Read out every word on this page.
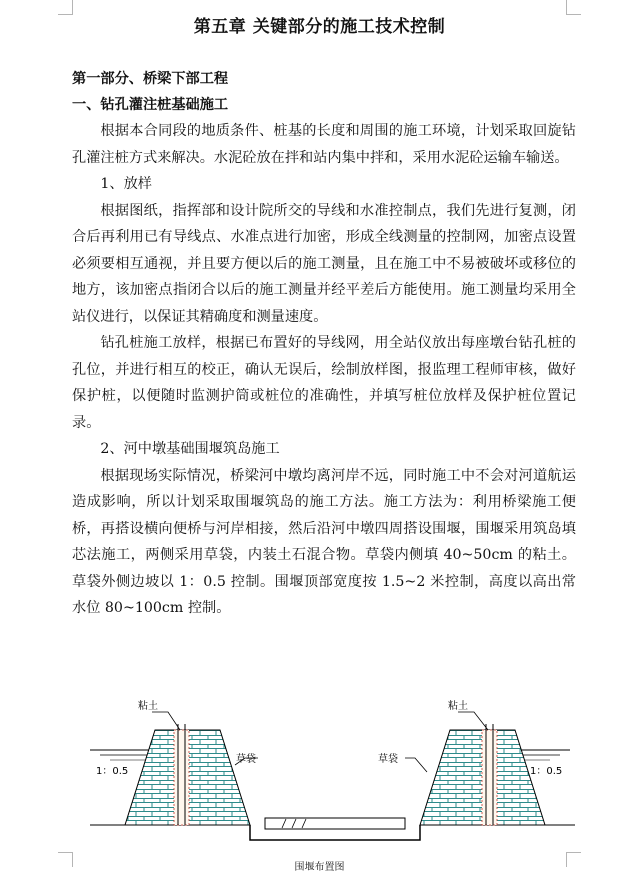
第五章 关键部分的施工技术控制
第一部分、桥梁下部工程
一、钻孔灌注桩基础施工

根据本合同段的地质条件、桩基的长度和周围的施工环境，计划采取回旋钻孔灌注桩方式来解决。水泥砼放在拌和站内集中拌和，采用水泥砼运输车输送。

1、放样

根据图纸，指挥部和设计院所交的导线和水准控制点，我们先进行复测，闭合后再利用已有导线点、水准点进行加密，形成全线测量的控制网，加密点设置必须要相互通视，并且要方便以后的施工测量，且在施工中不易被破坏或移位的地方，该加密点指闭合以后的施工测量并经平差后方能使用。施工测量均采用全站仪进行，以保证其精确度和测量速度。

钻孔桩施工放样，根据已布置好的导线网，用全站仪放出每座墩台钻孔桩的孔位，并进行相互的校正，确认无误后，绘制放样图，报监理工程师审核，做好保护桩，以便随时监测护筒或桩位的准确性，并填写桩位放样及保护桩位置记录。

2、河中墩基础围堰筑岛施工

根据现场实际情况，桥梁河中墩均离河岸不远，同时施工中不会对河道航运造成影响，所以计划采取围堰筑岛的施工方法。施工方法为：利用桥梁施工便桥，再搭设横向便桥与河岸相接，然后沿河中墩四周搭设围堰，围堰采用筑岛填芯法施工，两侧采用草袋，内装土石混合物。草袋内侧填 40~50cm 的粘土。草袋外侧边坡以 1：0.5 控制。围堰顶部宽度按 1.5~2 米控制，高度以高出常水位 80~100cm 控制。

粘土	粘土
草袋	草袋
1：0.5	1：0.5
围堰布置图
